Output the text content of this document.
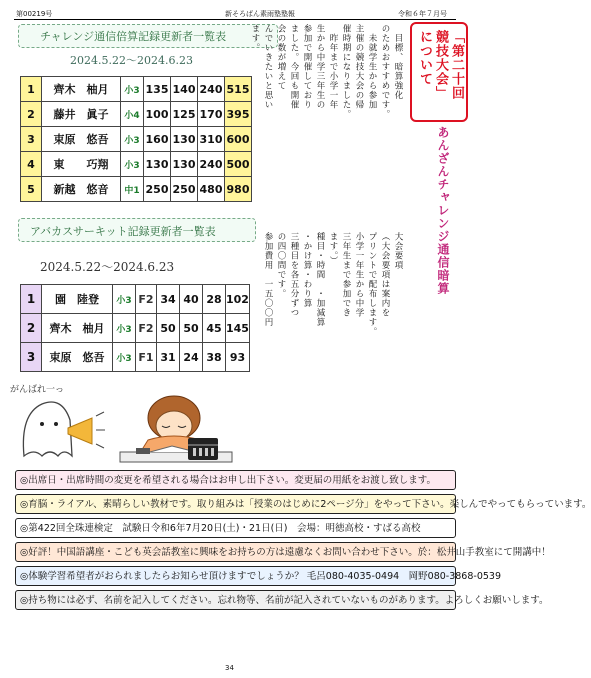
第00219号	新そろばん素雨塾塾報	令和６年７月号
チャレンジ通信倍算記録更新者一覧表
2024.5.22～2024.6.23
1	齊木　柚月	小3	135	140	240	515
2	藤井　眞子	小4	100	125	170	395
3	束原　悠吾	小3	160	130	310	600
4	東　　巧翔	小3	130	130	240	500
5	新越　悠音	中1	250	250	480	980
アバカスサーキット記録更新者一覧表
2024.5.22～2024.6.23
1	園　陸登	小3	F2	34	40	28	102
2	齊木　柚月	小3	F2	50	50	45	145
3	束原　悠吾	小3	F1	31	24	38	93
がんばれ一っ
「第二十回
競技大会」
について
あんざんチャレンジ通信暗算
　目標、暗算強化
のためおすすめです。
　未就学生から参加
主催の競技大会の帰
催時期になりました。
　昨年まで小学一年
生から中学三年生の
参加で開催しており
ました。今回も開催
会の数が増えて
んでいきたいと思い
ます。
大会要項
（大会要項は案内を
プリントで配布します。
小学一年生から中学
三年生まで参加でき
ます。）
種目・時間　・加減算
・かけ算・わり算
三種目を各五分ずつ
の四〇問です。
参加費用　一五〇〇円
◎出席日・出席時間の変更を希望される場合はお申し出下さい。変更届の用紙をお渡し致します。
◎育脳・ライアル、素晴らしい教材です。取り組みは「授業のはじめに2ページ分」をやって下さい。楽しんでやってもらっています。
◎第422回全珠連検定　試験日令和6年7月20日(土)・21日(日)　会場：明徳高校・すばる高校
◎好評！中国語講座・こども英会話教室に興味をお持ちの方は遠慮なくお問い合わせ下さい。於：松井山手教室にて開講中！
◎体験学習希望者がおられましたらお知らせ頂けますでしょうか？ 毛呂080-4035-0494　岡野080-3868-0539
◎持ち物には必ず、名前を記入してください。忘れ物等、名前が記入されていないものがあります。よろしくお願いします。
34
